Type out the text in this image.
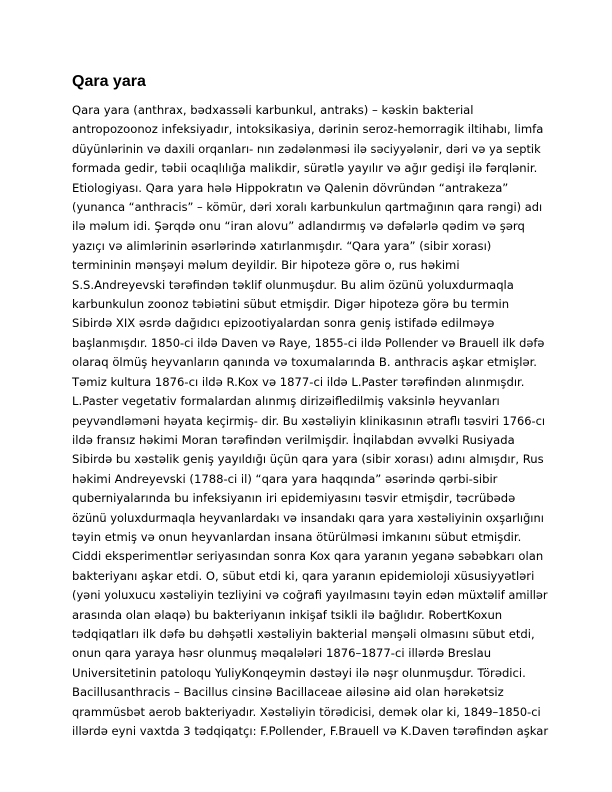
Qara yara
Qara yara (anthrax, bədxassəli karbunkul, antraks) – kəskin bakterial
antropozoonoz infeksiyadır, intoksikasiya, dərinin seroz-hemorragik iltihabı, limfa
düyünlərinin və daxili orqanları- nın zədələnməsi ilə səciyyələnir, dəri və ya septik
formada gedir, təbii ocaqlılığa malikdir, sürətlə yayılır və ağır gedişi ilə fərqlənir.
Etiologiyası. Qara yara hələ Hippokratın və Qalenin dövründən “antrakeza”
(yunanca “anthracis” – kömür, dəri xoralı karbunkulun qartmağının qara rəngi) adı
ilə məlum idi. Şərqdə onu “iran alovu” adlandırmış və dəfələrlə qədim və şərq
yazıçı və alimlərinin əsərlərində xatırlanmışdır. “Qara yara” (sibir xorası)
termininin mənşəyi məlum deyildir. Bir hipotezə görə o, rus həkimi
S.S.Andreyevski tərəfindən təklif olunmuşdur. Bu alim özünü yoluxdurmaqla
karbunkulun zoonoz təbiətini sübut etmişdir. Digər hipotezə görə bu termin
Sibirdə XIX əsrdə dağıdıcı epizootiyalardan sonra geniş istifadə edilməyə
başlanmışdır. 1850-ci ildə Daven və Raye, 1855-ci ildə Pollender və Brauell ilk dəfə
olaraq ölmüş heyvanların qanında və toxumalarında B. anthracis aşkar etmişlər.
Təmiz kultura 1876-cı ildə R.Kox və 1877-ci ildə L.Paster tərəfindən alınmışdır.
L.Paster vegetativ formalardan alınmış dirizəifledilmiş vaksinlə heyvanları
peyvəndləməni həyata keçirmiş- dir. Bu xəstəliyin klinikasının ətraflı təsviri 1766-cı
ildə fransız həkimi Moran tərəfindən verilmişdir. İnqilabdan əvvəlki Rusiyada
Sibirdə bu xəstəlik geniş yayıldığı üçün qara yara (sibir xorası) adını almışdır, Rus
həkimi Andreyevski (1788-ci il) “qara yara haqqında” əsərində qərbi-sibir
quberniyalarında bu infeksiyanın iri epidemiyasını təsvir etmişdir, təcrübədə
özünü yoluxdurmaqla heyvanlardakı və insandakı qara yara xəstəliyinin oxşarlığını
təyin etmiş və onun heyvanlardan insana ötürülməsi imkanını sübut etmişdir.
Ciddi eksperimentlər seriyasından sonra Kox qara yaranın yeganə səbəbkarı olan
bakteriyanı aşkar etdi. O, sübut etdi ki, qara yaranın epidemioloji xüsusiyyətləri
(yəni yoluxucu xəstəliyin tezliyini və coğrafi yayılmasını təyin edən müxtəlif amillər
arasında olan əlaqə) bu bakteriyanın inkişaf tsikli ilə bağlıdır. RobertKoxun
tədqiqatları ilk dəfə bu dəhşətli xəstəliyin bakterial mənşəli olmasını sübut etdi,
onun qara yaraya həsr olunmuş məqalələri 1876–1877-ci illərdə Breslau
Universitetinin patoloqu YuliyKonqeymin dəstəyi ilə nəşr olunmuşdur. Törədici.
Bacillusanthracis – Bacillus cinsinə Bacillaceae ailəsinə aid olan hərəkətsiz
qrammüsbət aerob bakteriyadır. Xəstəliyin törədicisi, demək olar ki, 1849–1850-ci
illərdə eyni vaxtda 3 tədqiqatçı: F.Pollender, F.Brauell və K.Daven tərəfindən aşkar
